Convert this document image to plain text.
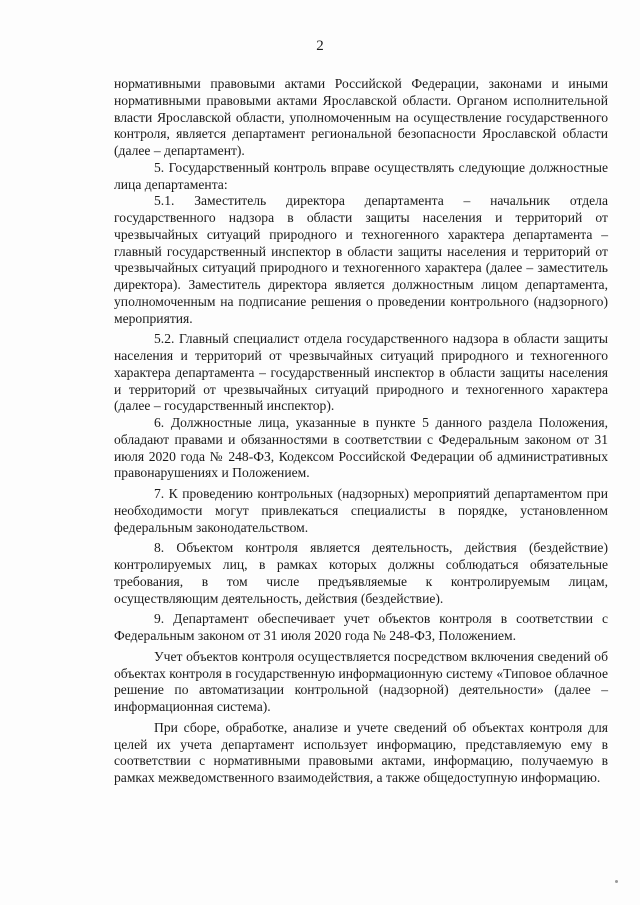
2

нормативными правовыми актами Российской Федерации, законами и иными нормативными правовыми актами Ярославской области. Органом исполнительной власти Ярославской области, уполномоченным на осуществление государственного контроля, является департамент региональной безопасности Ярославской области (далее – департамент).

5. Государственный контроль вправе осуществлять следующие должностные лица департамента:

5.1. Заместитель директора департамента – начальник отдела государственного надзора в области защиты населения и территорий от чрезвычайных ситуаций природного и техногенного характера департамента – главный государственный инспектор в области защиты населения и территорий от чрезвычайных ситуаций природного и техногенного характера (далее – заместитель директора). Заместитель директора является должностным лицом департамента, уполномоченным на подписание решения о проведении контрольного (надзорного) мероприятия.

5.2. Главный специалист отдела государственного надзора в области защиты населения и территорий от чрезвычайных ситуаций природного и техногенного характера департамента – государственный инспектор в области защиты населения и территорий от чрезвычайных ситуаций природного и техногенного характера (далее – государственный инспектор).

6. Должностные лица, указанные в пункте 5 данного раздела Положения, обладают правами и обязанностями в соответствии с Федеральным законом от 31 июля 2020 года № 248-ФЗ, Кодексом Российской Федерации об административных правонарушениях и Положением.

7. К проведению контрольных (надзорных) мероприятий департаментом при необходимости могут привлекаться специалисты в порядке, установленном федеральным законодательством.

8. Объектом контроля является деятельность, действия (бездействие) контролируемых лиц, в рамках которых должны соблюдаться обязательные требования, в том числе предъявляемые к контролируемым лицам, осуществляющим деятельность, действия (бездействие).

9. Департамент обеспечивает учет объектов контроля в соответствии с Федеральным законом от 31 июля 2020 года № 248-ФЗ, Положением.

Учет объектов контроля осуществляется посредством включения сведений об объектах контроля в государственную информационную систему «Типовое облачное решение по автоматизации контрольной (надзорной) деятельности» (далее – информационная система).

При сборе, обработке, анализе и учете сведений об объектах контроля для целей их учета департамент использует информацию, представляемую ему в соответствии с нормативными правовыми актами, информацию, получаемую в рамках межведомственного взаимодействия, а также общедоступную информацию.
